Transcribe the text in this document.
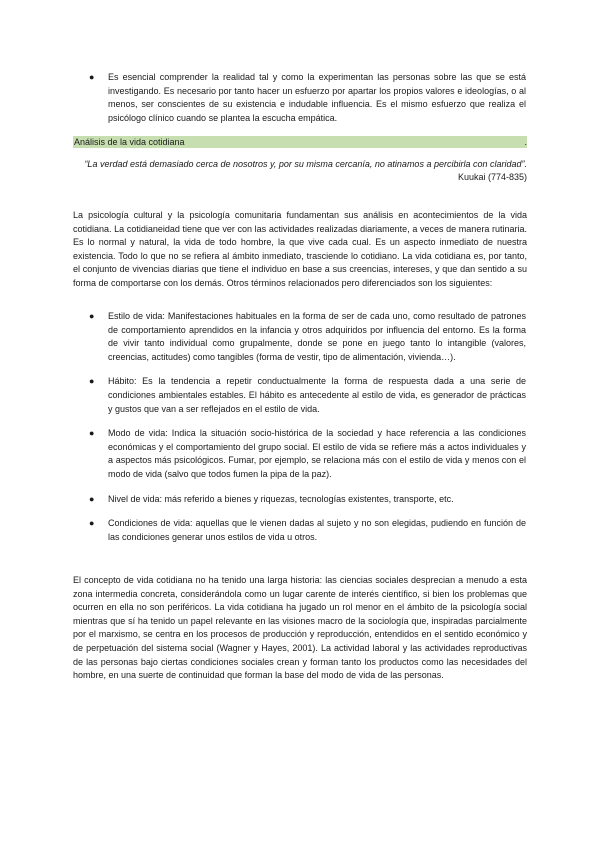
● Es esencial comprender la realidad tal y como la experimentan las personas sobre las que se está investigando. Es necesario por tanto hacer un esfuerzo por apartar los propios valores e ideologías, o al menos, ser conscientes de su existencia e indudable influencia. Es el mismo esfuerzo que realiza el psicólogo clínico cuando se plantea la escucha empática.
Análisis de la vida cotidiana	.
“La verdad está demasiado cerca de nosotros y, por su misma cercanía, no atinamos a percibirla con claridad”.
Kuukai (774-835)
La psicología cultural y la psicología comunitaria fundamentan sus análisis en acontecimientos de la vida cotidiana. La cotidianeidad tiene que ver con las actividades realizadas diariamente, a veces de manera rutinaria. Es lo normal y natural, la vida de todo hombre, la que vive cada cual. Es un aspecto inmediato de nuestra existencia. Todo lo que no se refiera al ámbito inmediato, trasciende lo cotidiano. La vida cotidiana es, por tanto, el conjunto de vivencias diarias que tiene el individuo en base a sus creencias, intereses, y que dan sentido a su forma de comportarse con los demás. Otros términos relacionados pero diferenciados son los siguientes:
● Estilo de vida: Manifestaciones habituales en la forma de ser de cada uno, como resultado de patrones de comportamiento aprendidos en la infancia y otros adquiridos por influencia del entorno. Es la forma de vivir tanto individual como grupalmente, donde se pone en juego tanto lo intangible (valores, creencias, actitudes) como tangibles (forma de vestir, tipo de alimentación, vivienda…).
● Hábito: Es la tendencia a repetir conductualmente la forma de respuesta dada a una serie de condiciones ambientales estables. El hábito es antecedente al estilo de vida, es generador de prácticas y gustos que van a ser reflejados en el estilo de vida.
● Modo de vida: Indica la situación socio-histórica de la sociedad y hace referencia a las condiciones económicas y el comportamiento del grupo social. El estilo de vida se refiere más a actos individuales y a aspectos más psicológicos. Fumar, por ejemplo, se relaciona más con el estilo de vida y menos con el modo de vida (salvo que todos fumen la pipa de la paz).
● Nivel de vida: más referido a bienes y riquezas, tecnologías existentes, transporte, etc.
● Condiciones de vida: aquellas que le vienen dadas al sujeto y no son elegidas, pudiendo en función de las condiciones generar unos estilos de vida u otros.
El concepto de vida cotidiana no ha tenido una larga historia: las ciencias sociales desprecian a menudo a esta zona intermedia concreta, considerándola como un lugar carente de interés científico, si bien los problemas que ocurren en ella no son periféricos. La vida cotidiana ha jugado un rol menor en el ámbito de la psicología social mientras que sí ha tenido un papel relevante en las visiones macro de la sociología que, inspiradas parcialmente por el marxismo, se centra en los procesos de producción y reproducción, entendidos en el sentido económico y de perpetuación del sistema social (Wagner y Hayes, 2001). La actividad laboral y las actividades reproductivas de las personas bajo ciertas condiciones sociales crean y forman tanto los productos como las necesidades del hombre, en una suerte de continuidad que forman la base del modo de vida de las personas.
